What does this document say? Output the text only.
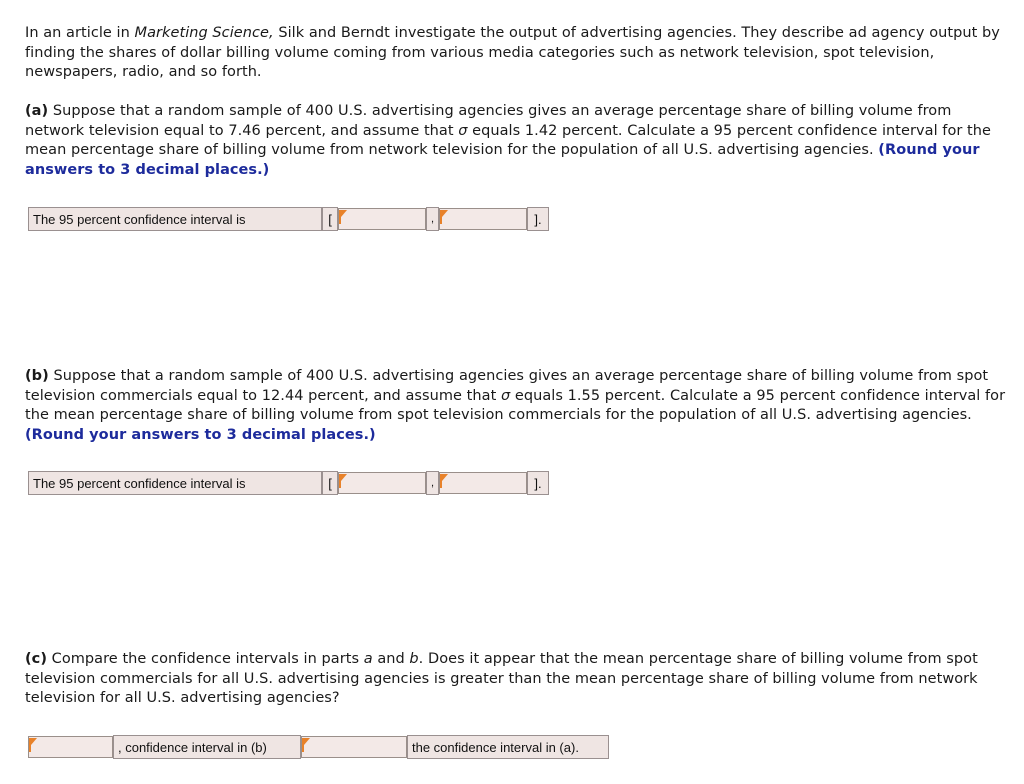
In an article in Marketing Science, Silk and Berndt investigate the output of advertising agencies. They describe ad agency output by finding the shares of dollar billing volume coming from various media categories such as network television, spot television, newspapers, radio, and so forth.
(a) Suppose that a random sample of 400 U.S. advertising agencies gives an average percentage share of billing volume from network television equal to 7.46 percent, and assume that σ equals 1.42 percent. Calculate a 95 percent confidence interval for the mean percentage share of billing volume from network television for the population of all U.S. advertising agencies. (Round your answers to 3 decimal places.)
The 95 percent confidence interval is	[	,	].
(b) Suppose that a random sample of 400 U.S. advertising agencies gives an average percentage share of billing volume from spot television commercials equal to 12.44 percent, and assume that σ equals 1.55 percent. Calculate a 95 percent confidence interval for the mean percentage share of billing volume from spot television commercials for the population of all U.S. advertising agencies. (Round your answers to 3 decimal places.)
The 95 percent confidence interval is	[	,	].
(c) Compare the confidence intervals in parts a and b. Does it appear that the mean percentage share of billing volume from spot television commercials for all U.S. advertising agencies is greater than the mean percentage share of billing volume from network television for all U.S. advertising agencies?
, confidence interval in (b)	the confidence interval in (a).
